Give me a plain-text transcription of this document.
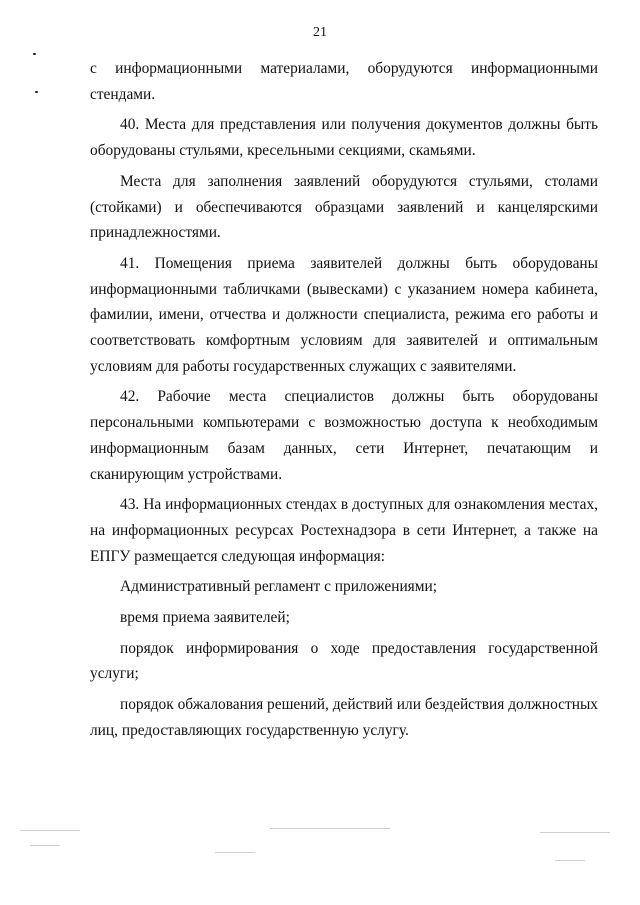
21

с информационными материалами, оборудуются информационными стендами.

40. Места для представления или получения документов должны быть оборудованы стульями, кресельными секциями, скамьями.

Места для заполнения заявлений оборудуются стульями, столами (стойками) и обеспечиваются образцами заявлений и канцелярскими принадлежностями.

41. Помещения приема заявителей должны быть оборудованы информационными табличками (вывесками) с указанием номера кабинета, фамилии, имени, отчества и должности специалиста, режима его работы и соответствовать комфортным условиям для заявителей и оптимальным условиям для работы государственных служащих с заявителями.

42. Рабочие места специалистов должны быть оборудованы персональными компьютерами с возможностью доступа к необходимым информационным базам данных, сети Интернет, печатающим и сканирующим устройствами.

43. На информационных стендах в доступных для ознакомления местах, на информационных ресурсах Ростехнадзора в сети Интернет, а также на ЕПГУ размещается следующая информация:

Административный регламент с приложениями;

время приема заявителей;

порядок информирования о ходе предоставления государственной услуги;

порядок обжалования решений, действий или бездействия должностных лиц, предоставляющих государственную услугу.
